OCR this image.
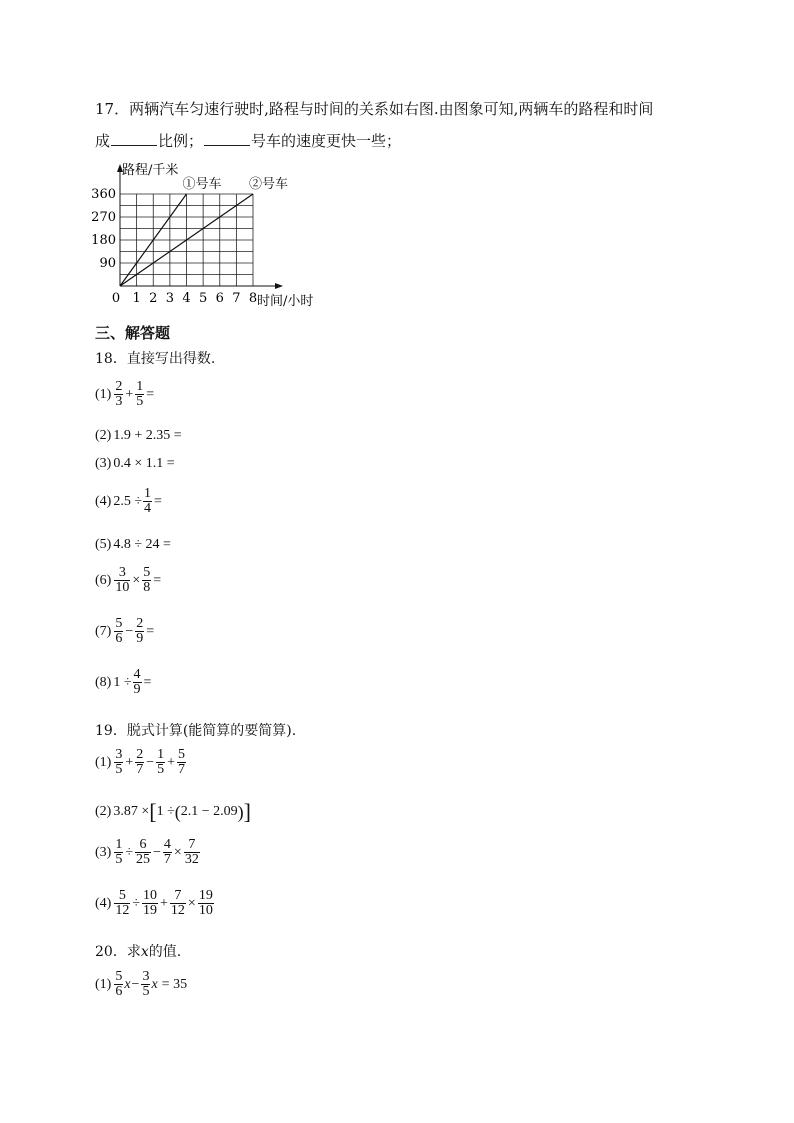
17．两辆汽车匀速行驶时,路程与时间的关系如右图.由图象可知,两辆车的路程和时间
成	比例；	号车的速度更快一些；
0 1 2 3 4 5 6 7 8
90
180
270
360
①号车 ②号车
路程/千米
时间/小时
三、解答题
18．直接写出得数.
$(1) \frac{2}{3} + \frac{1}{5}$ =
(2) 1.9 + 2.35 =
(3) 0.4 × 1.1 =
(4) $2.5 \div \frac{1}{4}$ =
(5) 4.8 ÷ 24 =
$(6) \frac{3}{10} \times \frac{5}{8}$ =
$(7) \frac{5}{6} - \frac{2}{9}$ =
(8) $1 \div \frac{4}{9}$ =
19．脱式计算(能简算的要简算).
$(1) \frac{3}{5} + \frac{2}{7} - \frac{1}{5} + \frac{5}{7}$
(2) 3.87 × [ 1 ÷ ( 2.1 − 2.09 ) ]
$(3) \frac{1}{5} \div \frac{6}{25} - \frac{4}{7} \times \frac{7}{32}$
$(4) \frac{5}{12} \div \frac{10}{19} + \frac{7}{12} \times \frac{19}{10}$
20．求x的值.
$(1) \frac{5}{6}$ $x - \frac{3}{5}$ x = 35
